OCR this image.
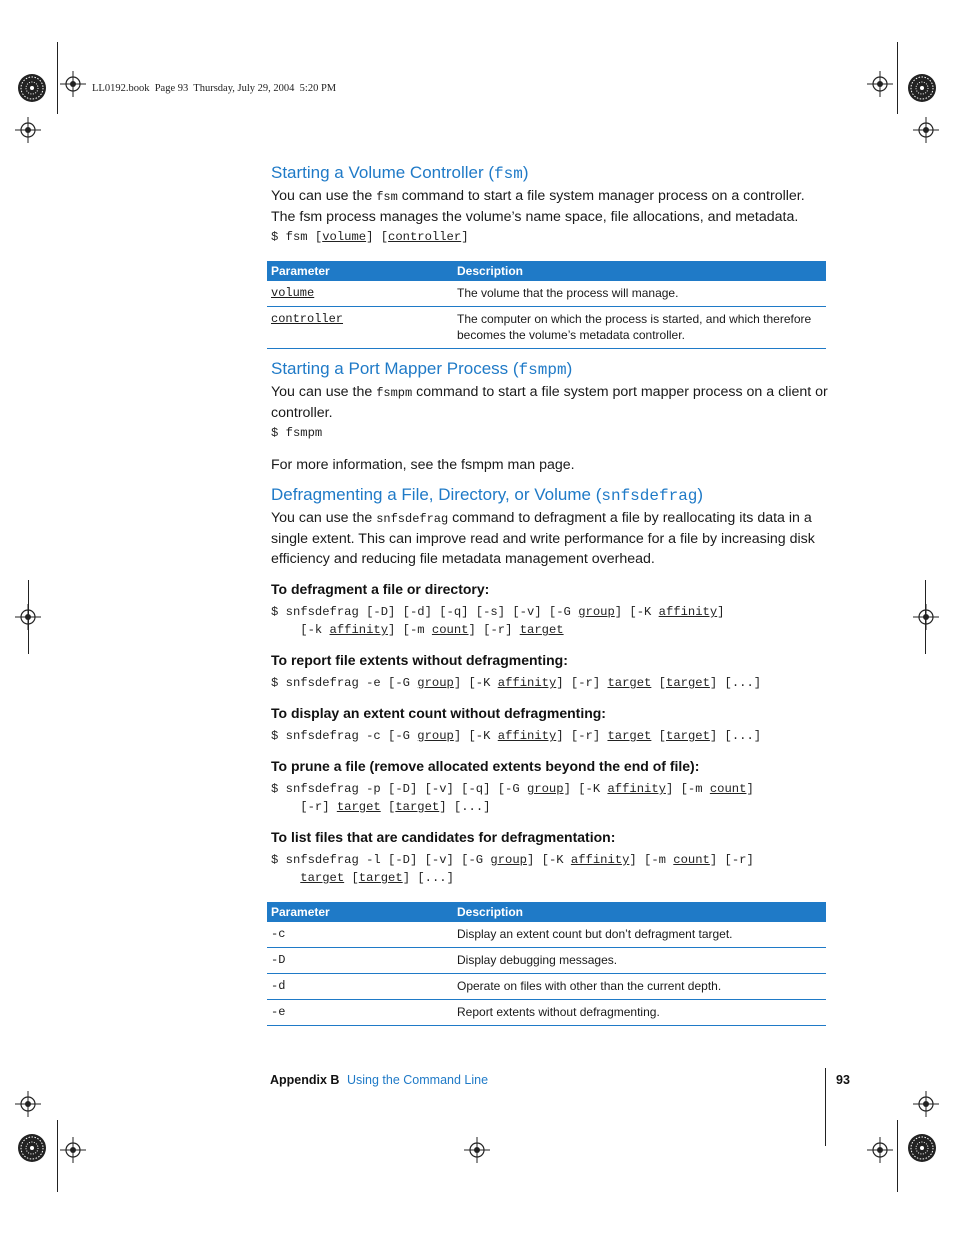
LL0192.book  Page 93  Thursday, July 29, 2004  5:20 PM
Starting a Volume Controller (fsm)

You can use the fsm command to start a file system manager process on a controller. The fsm process manages the volume’s name space, file allocations, and metadata.

$ fsm [volume] [controller]
Parameter	Description
volume	The volume that the process will manage.
controller	The computer on which the process is started, and which therefore becomes the volume’s metadata controller.
Starting a Port Mapper Process (fsmpm)

You can use the fsmpm command to start a file system port mapper process on a client or controller.

$ fsmpm

For more information, see the fsmpm man page.

Defragmenting a File, Directory, or Volume (snfsdefrag)

You can use the snfsdefrag command to defragment a file by reallocating its data in a single extent. This can improve read and write performance for a file by increasing disk efficiency and reducing file metadata management overhead.

To defragment a file or directory:
$ snfsdefrag [-D] [-d] [-q] [-s] [-v] [-G group] [-K affinity]
[-k affinity] [-m count] [-r] target
To report file extents without defragmenting:
$ snfsdefrag -e [-G group] [-K affinity] [-r] target [target] [...]
To display an extent count without defragmenting:
$ snfsdefrag -c [-G group] [-K affinity] [-r] target [target] [...]
To prune a file (remove allocated extents beyond the end of file):
$ snfsdefrag -p [-D] [-v] [-q] [-G group] [-K affinity] [-m count]
[-r] target [target] [...]
To list files that are candidates for defragmentation:
$ snfsdefrag -l [-D] [-v] [-G group] [-K affinity] [-m count] [-r]
target [target] [...]
Parameter	Description
-c	Display an extent count but don’t defragment target.
-D	Display debugging messages.
-d	Operate on files with other than the current depth.
-e	Report extents without defragmenting.
Appendix B Using the Command Line	93
